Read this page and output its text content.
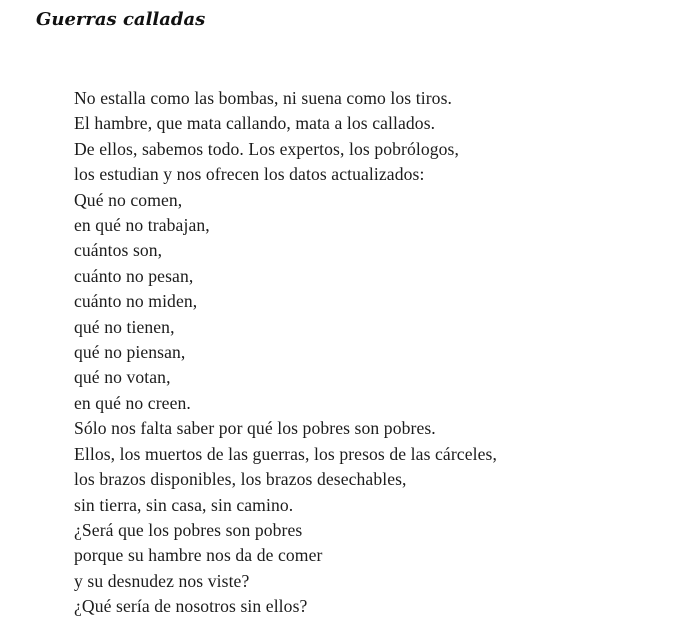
Guerras calladas
No estalla como las bombas, ni suena como los tiros.
El hambre, que mata callando, mata a los callados.
De ellos, sabemos todo. Los expertos, los pobrólogos,
los estudian y nos ofrecen los datos actualizados:
Qué no comen,
en qué no trabajan,
cuántos son,
cuánto no pesan,
cuánto no miden,
qué no tienen,
qué no piensan,
qué no votan,
en qué no creen.
Sólo nos falta saber por qué los pobres son pobres.
Ellos, los muertos de las guerras, los presos de las cárceles,
los brazos disponibles, los brazos desechables,
sin tierra, sin casa, sin camino.
¿Será que los pobres son pobres
porque su hambre nos da de comer
y su desnudez nos viste?
¿Qué sería de nosotros sin ellos?
